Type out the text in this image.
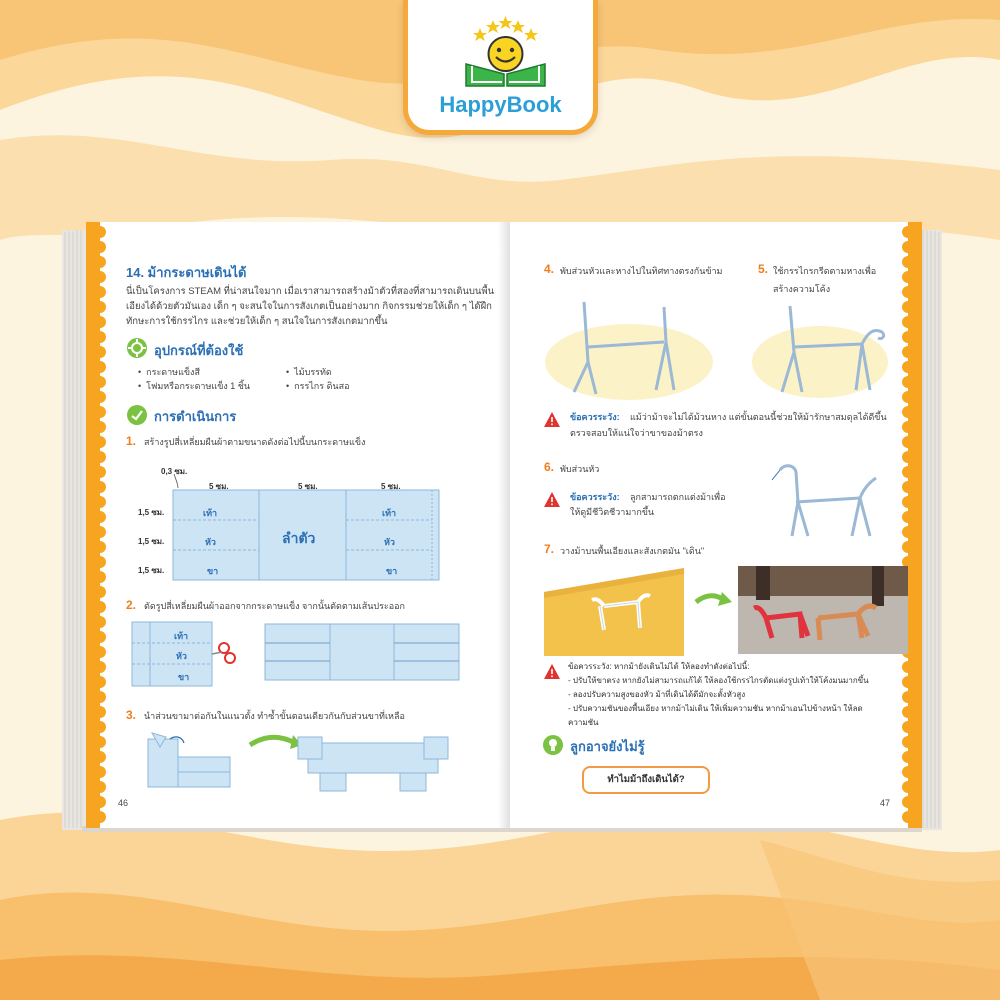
HappyBook
14. ม้ากระดาษเดินได้
นี่เป็นโครงการ STEAM ที่น่าสนใจมาก เมื่อเราสามารถสร้างม้าตัวที่สองที่สามารถเดินบนพื้น
เอียงได้ด้วยตัวมันเอง เด็ก ๆ จะสนใจในการสังเกตเป็นอย่างมาก กิจกรรมช่วยให้เด็ก ๆ ได้ฝึก
ทักษะการใช้กรรไกร และช่วยให้เด็ก ๆ สนใจในการสังเกตมากขึ้น
อุปกรณ์ที่ต้องใช้
•  กระดาษแข็งสี
•  โฟมหรือกระดาษแข็ง 1 ชิ้น
•  ไม้บรรทัด
•  กรรไกร ดินสอ
การดำเนินการ
1. สร้างรูปสี่เหลี่ยมผืนผ้าตามขนาดดังต่อไปนี้บนกระดาษแข็ง
0,3 ซม.
5 ซม.	5 ซม.	5 ซม.
1,5 ซม.
1,5 ซม.
1,5 ซม.
เท้า
หัว
ขา
ลำตัว
เท้า
หัว
ขา
2. ตัดรูปสี่เหลี่ยมผืนผ้าออกจากกระดาษแข็ง จากนั้นตัดตามเส้นประออก
เท้า
หัว
ขา
3. นำส่วนขามาต่อกันในแนวตั้ง ทำซ้ำขั้นตอนเดียวกันกับส่วนขาที่เหลือ
46
4. พับส่วนหัวและหางไปในทิศทางตรงกันข้าม	5. ใช้กรรไกรกรีดตามหางเพื่อ
สร้างความโค้ง
ข้อควรระวัง: แม้ว่าม้าจะไม่ได้ม้วนหาง แต่ขั้นตอนนี้ช่วยให้ม้ารักษาสมดุลได้ดีขึ้น
ตรวจสอบให้แน่ใจว่าขาของม้าตรง
6. พับส่วนหัว
ข้อควรระวัง: ลูกสามารถตกแต่งม้าเพื่อ
ให้ดูมีชีวิตชีวามากขึ้น
7. วางม้าบนพื้นเอียงและสังเกตมัน "เดิน"
ข้อควรระวัง: หากม้ายังเดินไม่ได้ ให้ลองทำดังต่อไปนี้:
- ปรับให้ขาตรง หากยังไม่สามารถแก้ได้ ให้ลองใช้กรรไกรตัดแต่งรูปเท้าให้โค้งมนมากขึ้น
- ลองปรับความสูงของหัว ม้าที่เดินได้ดีมักจะตั้งหัวสูง
- ปรับความชันของพื้นเอียง หากม้าไม่เดิน ให้เพิ่มความชัน หากม้าเอนไปข้างหน้า ให้ลด
ความชัน
ลูกอาจยังไม่รู้
ทำไมม้าถึงเดินได้?
47
